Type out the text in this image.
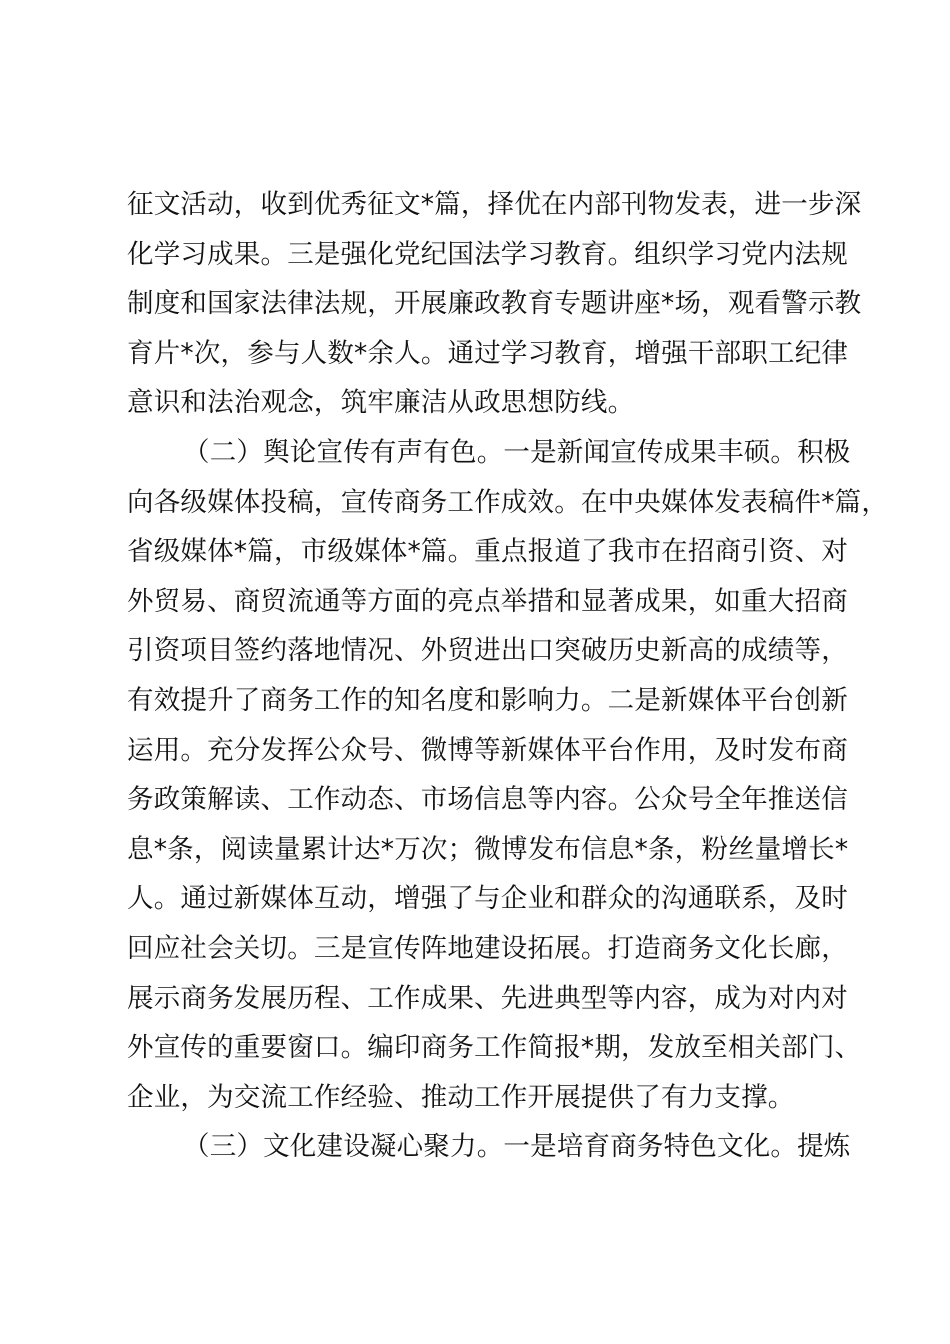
征文活动，收到优秀征文*篇，择优在内部刊物发表，进一步深
化学习成果。三是强化党纪国法学习教育。组织学习党内法规
制度和国家法律法规，开展廉政教育专题讲座*场，观看警示教
育片*次，参与人数*余人。通过学习教育，增强干部职工纪律
意识和法治观念，筑牢廉洁从政思想防线。
（二）舆论宣传有声有色。一是新闻宣传成果丰硕。积极
向各级媒体投稿，宣传商务工作成效。在中央媒体发表稿件*篇，
省级媒体*篇，市级媒体*篇。重点报道了我市在招商引资、对
外贸易、商贸流通等方面的亮点举措和显著成果，如重大招商
引资项目签约落地情况、外贸进出口突破历史新高的成绩等，
有效提升了商务工作的知名度和影响力。二是新媒体平台创新
运用。充分发挥公众号、微博等新媒体平台作用，及时发布商
务政策解读、工作动态、市场信息等内容。公众号全年推送信
息*条，阅读量累计达*万次；微博发布信息*条，粉丝量增长*
人。通过新媒体互动，增强了与企业和群众的沟通联系，及时
回应社会关切。三是宣传阵地建设拓展。打造商务文化长廊，
展示商务发展历程、工作成果、先进典型等内容，成为对内对
外宣传的重要窗口。编印商务工作简报*期，发放至相关部门、
企业，为交流工作经验、推动工作开展提供了有力支撑。
（三）文化建设凝心聚力。一是培育商务特色文化。提炼
